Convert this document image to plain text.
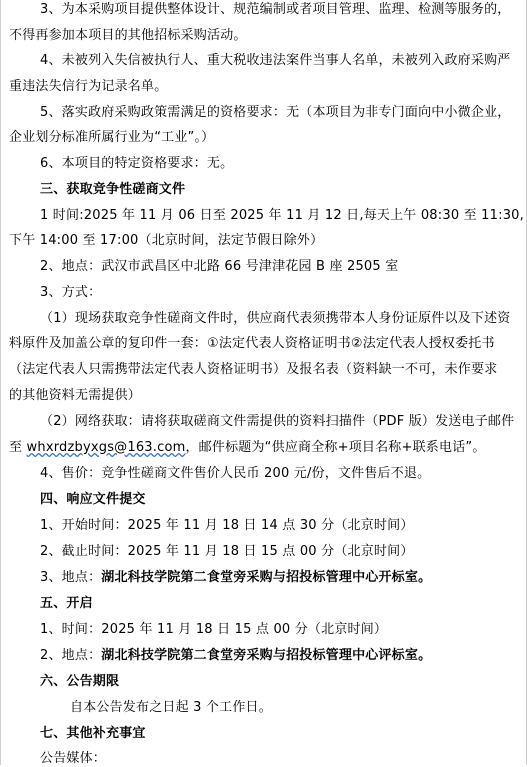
3、为本采购项目提供整体设计、规范编制或者项目管理、监理、检测等服务的，
不得再参加本项目的其他招标采购活动。
4、未被列入失信被执行人、重大税收违法案件当事人名单，未被列入政府采购严
重违法失信行为记录名单。
5、落实政府采购政策需满足的资格要求：无（本项目为非专门面向中小微企业，
企业划分标准所属行业为“工业”。）
6、本项目的特定资格要求：无。
三、获取竞争性磋商文件
1 时间:2025 年 11 月 06 日至 2025 年 11 月 12 日,每天上午 08:30 至 11:30,
下午 14:00 至 17:00（北京时间，法定节假日除外）
2、地点：武汉市武昌区中北路 66 号津津花园 B 座 2505 室
3、方式：
（1）现场获取竞争性磋商文件时，供应商代表须携带本人身份证原件以及下述资
料原件及加盖公章的复印件一套：①法定代表人资格证明书②法定代表人授权委托书
（法定代表人只需携带法定代表人资格证明书）及报名表（资料缺一不可，未作要求
的其他资料无需提供）
（2）网络获取：请将获取磋商文件需提供的资料扫描件（PDF 版）发送电子邮件
至 whxrdzbyxgs@163.com，邮件标题为“供应商全称+项目名称+联系电话”。
4、售价：竞争性磋商文件售价人民币 200 元/份，文件售后不退。
四、响应文件提交
1、开始时间：2025 年 11 月 18 日 14 点 30 分（北京时间）
2、截止时间：2025 年 11 月 18 日 15 点 00 分（北京时间）
3、地点：湖北科技学院第二食堂旁采购与招投标管理中心开标室。
五、开启
1、时间：2025 年 11 月 18 日 15 点 00 分（北京时间）
2、地点：湖北科技学院第二食堂旁采购与招投标管理中心评标室。
六、公告期限
自本公告发布之日起 3 个工作日。
七、其他补充事宜
公告媒体：
